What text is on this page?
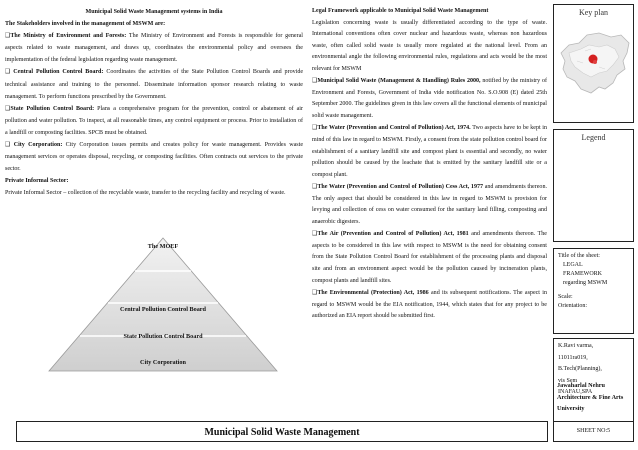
Municipal Solid Waste Management systems in India

The Stakeholders involved in the management of MSWM are:

❑The Ministry of Environment and Forests: The Ministry of Environment and Forests is responsible for general aspects related to waste management, and draws up, coordinates the environmental policy and oversees the implementation of the federal legislation regarding waste management.

❑ Central Pollution Control Board: Coordinates the activities of the State Pollution Control Boards and provide technical assistance and training to the personnel. Disseminate information sponsor research relating to waste management. To perform functions prescribed by the Government.

❑State Pollution Control Board: Plans a comprehensive program for the prevention, control or abatement of air pollution and water pollution. To inspect, at all reasonable times, any control equipment or process. Prior to installation of a landfill or composting facilities. SPCB must be obtained.

❑ City Corporation: City Corporation issues permits and creates policy for waste management. Provides waste management services or operates disposal, recycling, or composting facilities. Often contracts out services to the private sector.

Private Informal Sector:

Private Informal Sector – collection of the recyclable waste, transfer to the recycling facility and recycling of waste.

The MOEF
Central Pollution Control Board
State Pollution Control Board
City Corporation

Legal Framework applicable to Municipal Solid Waste Management

Legislation concerning waste is usually differentiated according to the type of waste. International conventions often cover nuclear and hazardous waste, whereas non hazardous waste, often called solid waste is usually more regulated at the national level. From an environmental angle the following environmental rules, regulations and acts would be the most relevant for MSWM

❑Municipal Solid Waste (Management & Handling) Rules 2000, notified by the ministry of Environment and Forests, Government of India vide notification No. S.O.908 (E) dated 25th September 2000. The guidelines given in this law covers all the functional elements of municipal solid waste management.

❑The Water (Prevention and Control of Pollution) Act, 1974. Two aspects have to be kept in mind of this law in regard to MSWM. Firstly, a consent from the state pollution control board for establishment of a sanitary landfill site and compost plant is essential and secondly, no water pollution should be caused by the leachate that is emitted by the sanitary landfill site or a compost plant.

❑The Water (Prevention and Control of Pollution) Cess Act, 1977 and amendments thereon. The only aspect that should be considered in this law in regard to MSWM is provision for levying and collection of cess on water consumed for the sanitary land filling, composting and anaerobic digesters.

❑The Air (Prevention and Control of Pollution) Act, 1981 and amendments thereon. The aspects to be considered in this law with respect to MSWM is the need for obtaining consent from the State Pollution Control Board for establishment of the processing plants and disposal site and from an environment aspect would be the pollution caused by incineration plants, compost plants and landfill sites.

❑The Environmental (Protection) Act, 1986 and its subsequent notifications. The aspect in regard to MSWM would be the EIA notification, 1944, which states that for any project to be authorized an EIA report should be submitted first.

Key plan
Legend
Title of the sheet:
LEGAL
FRAMEWORK
regarding MSWM
Scale:
Orientation:
K.Ravi varma,
11011ra019,
B.Tech(Planning),
vis Sem
INAFAU,SPA
Jawaharlal Nehru
Architecture & Fine Arts
University
Municipal Solid Waste Management	SHEET NO:5
